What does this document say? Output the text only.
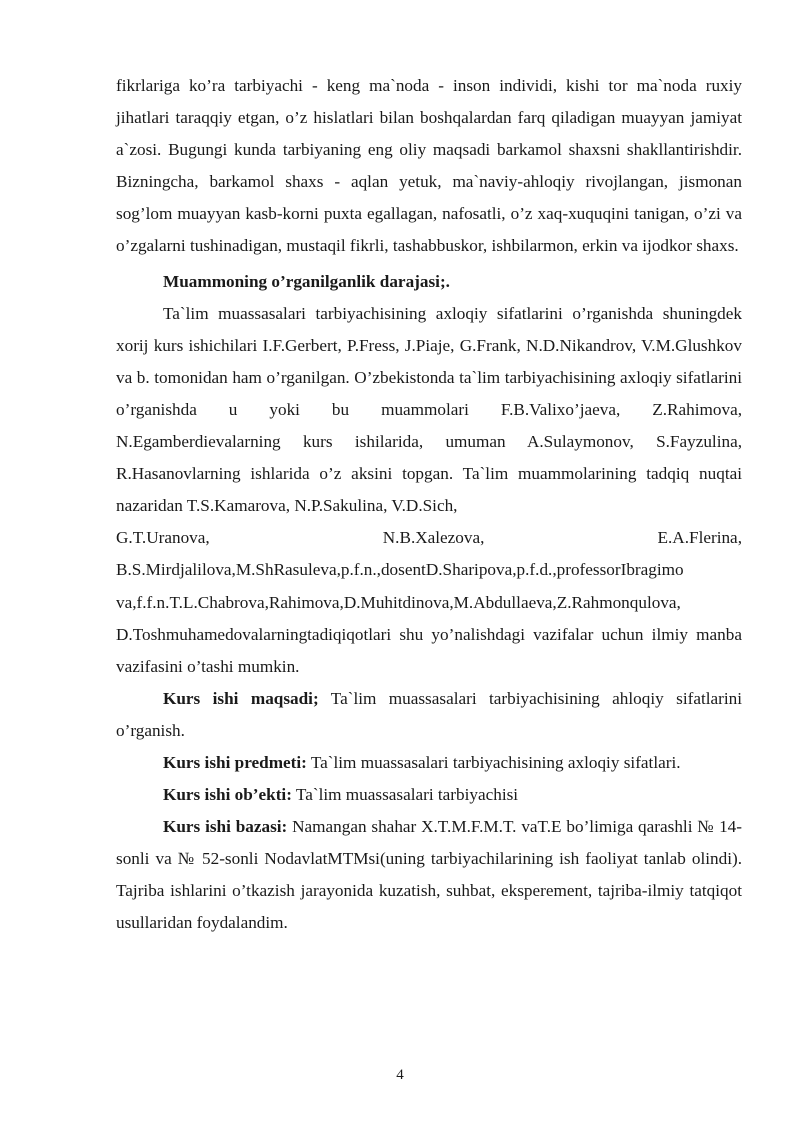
fikrlariga ko’ra tarbiyachi - keng ma`noda - inson individi, kishi tor ma`noda ruxiy jihatlari taraqqiy etgan, o’z hislatlari bilan boshqalardan farq qiladigan muayyan jamiyat a`zosi. Bugungi kunda tarbiyaning eng oliy maqsadi barkamol shaxsni shakllantirishdir. Bizningcha, barkamol shaxs - aqlan yetuk, ma`naviy-ahloqiy rivojlangan, jismonan sog’lom muayyan kasb-korni puxta egallagan, nafosatli, o’z xaq-xuquqini tanigan, o’zi va o’zgalarni tushinadigan, mustaqil fikrli, tashabbuskor, ishbilarmon, erkin va ijodkor shaxs.

Muammoning o’rganilganlik darajasi;.

Ta`lim muassasalari tarbiyachisining axloqiy sifatlarini o’rganishda shuningdek xorij kurs ishichilari I.F.Gerbert, P.Fress, J.Piaje, G.Frank, N.D.Nikandrov, V.M.Glushkov va b. tomonidan ham o’rganilgan. O’zbekistonda ta`lim tarbiyachisining axloqiy sifatlarini o’rganishda u yoki bu muammolari F.B.Valixo’jaeva, Z.Rahimova, N.Egamberdievalarning kurs ishilarida, umuman A.Sulaymonov, S.Fayzulina, R.Hasanovlarning ishlarida o’z aksini topgan. Ta`lim muammolarining tadqiq nuqtai nazaridan T.S.Kamarova, N.P.Sakulina, V.D.Sich,

G.T.Uranova,	N.B.Xalezova,	E.A.Flerina,

B.S.Mirdjalilova,M.ShRasuleva,p.f.n.,dosentD.Sharipova,p.f.d.,professorIbragimo

va,f.f.n.T.L.Chabrova,Rahimova,D.Muhitdinova,M.Abdullaeva,Z.Rahmonqulova,

D.Toshmuhamedovalarningtadiqiqotlari shu yo’nalishdagi vazifalar uchun ilmiy manba vazifasini o’tashi mumkin.

Kurs ishi maqsadi; Ta`lim muassasalari tarbiyachisining ahloqiy sifatlarini o’rganish.

Kurs ishi predmeti: Ta`lim muassasalari tarbiyachisining axloqiy sifatlari.

Kurs ishi ob’ekti: Ta`lim muassasalari tarbiyachisi

Kurs ishi bazasi: Namangan shahar X.T.M.F.M.T. vaT.E bo’limiga qarashli № 14-sonli va № 52-sonli NodavlatMTMsi(uning tarbiyachilarining ish faoliyat tanlab olindi). Tajriba ishlarini o’tkazish jarayonida kuzatish, suhbat, eksperement, tajriba-ilmiy tatqiqot usullaridan foydalandim.

4
